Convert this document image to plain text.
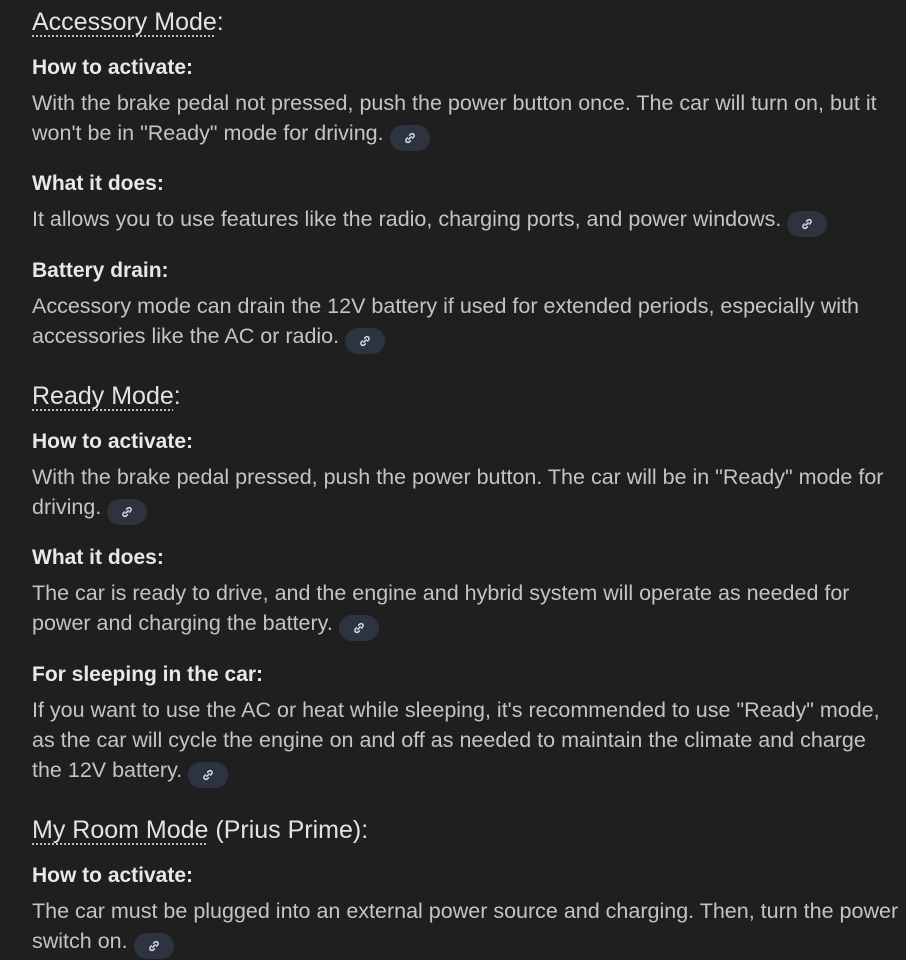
Accessory Mode:
How to activate:
With the brake pedal not pressed, push the power button once. The car will turn on, but it won't be in "Ready" mode for driving.
What it does:
It allows you to use features like the radio, charging ports, and power windows.
Battery drain:
Accessory mode can drain the 12V battery if used for extended periods, especially with accessories like the AC or radio.
Ready Mode:
How to activate:
With the brake pedal pressed, push the power button. The car will be in "Ready" mode for driving.
What it does:
The car is ready to drive, and the engine and hybrid system will operate as needed for power and charging the battery.
For sleeping in the car:
If you want to use the AC or heat while sleeping, it's recommended to use "Ready" mode, as the car will cycle the engine on and off as needed to maintain the climate and charge the 12V battery.
My Room Mode (Prius Prime):
How to activate:
The car must be plugged into an external power source and charging. Then, turn the power switch on.
